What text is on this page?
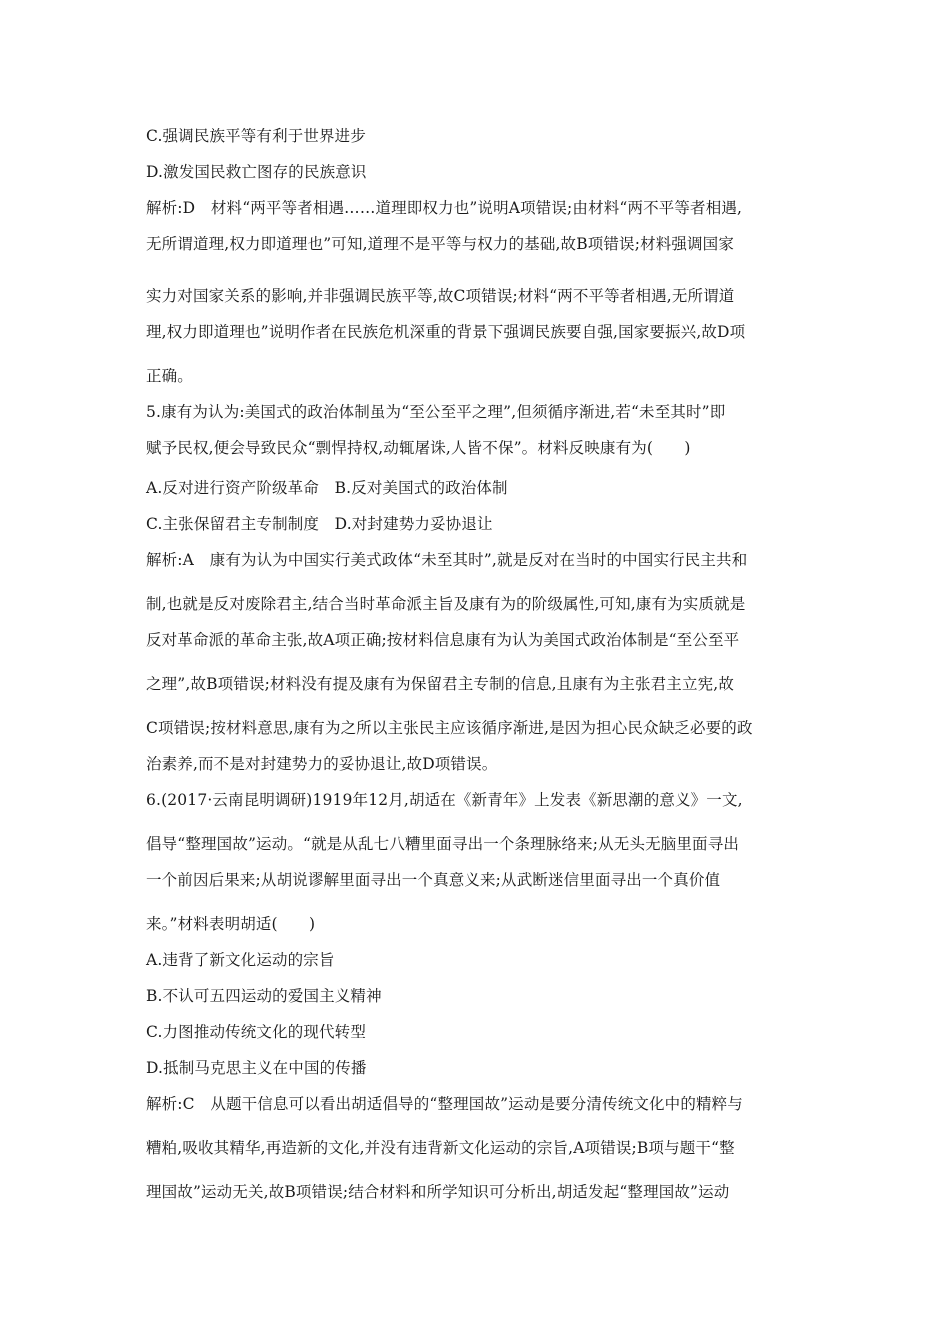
C.强调民族平等有利于世界进步
D.激发国民救亡图存的民族意识
解析:D　材料“两平等者相遇……道理即权力也”说明A项错误;由材料“两不平等者相遇,
无所谓道理,权力即道理也”可知,道理不是平等与权力的基础,故B项错误;材料强调国家
实力对国家关系的影响,并非强调民族平等,故C项错误;材料“两不平等者相遇,无所谓道
理,权力即道理也”说明作者在民族危机深重的背景下强调民族要自强,国家要振兴,故D项
正确。
5.康有为认为:美国式的政治体制虽为“至公至平之理”,但须循序渐进,若“未至其时”即
赋予民权,便会导致民众“剽悍持权,动辄屠诛,人皆不保”。材料反映康有为(　　)
A.反对进行资产阶级革命　B.反对美国式的政治体制
C.主张保留君主专制制度　D.对封建势力妥协退让
解析:A　康有为认为中国实行美式政体“未至其时”,就是反对在当时的中国实行民主共和
制,也就是反对废除君主,结合当时革命派主旨及康有为的阶级属性,可知,康有为实质就是
反对革命派的革命主张,故A项正确;按材料信息康有为认为美国式政治体制是“至公至平
之理”,故B项错误;材料没有提及康有为保留君主专制的信息,且康有为主张君主立宪,故
C项错误;按材料意思,康有为之所以主张民主应该循序渐进,是因为担心民众缺乏必要的政
治素养,而不是对封建势力的妥协退让,故D项错误。
6.(2017·云南昆明调研)1919年12月,胡适在《新青年》上发表《新思潮的意义》一文,
倡导“整理国故”运动。“就是从乱七八糟里面寻出一个条理脉络来;从无头无脑里面寻出
一个前因后果来;从胡说谬解里面寻出一个真意义来;从武断迷信里面寻出一个真价值
来。”材料表明胡适(　　)
A.违背了新文化运动的宗旨
B.不认可五四运动的爱国主义精神
C.力图推动传统文化的现代转型
D.抵制马克思主义在中国的传播
解析:C　从题干信息可以看出胡适倡导的“整理国故”运动是要分清传统文化中的精粹与
糟粕,吸收其精华,再造新的文化,并没有违背新文化运动的宗旨,A项错误;B项与题干“整
理国故”运动无关,故B项错误;结合材料和所学知识可分析出,胡适发起“整理国故”运动
